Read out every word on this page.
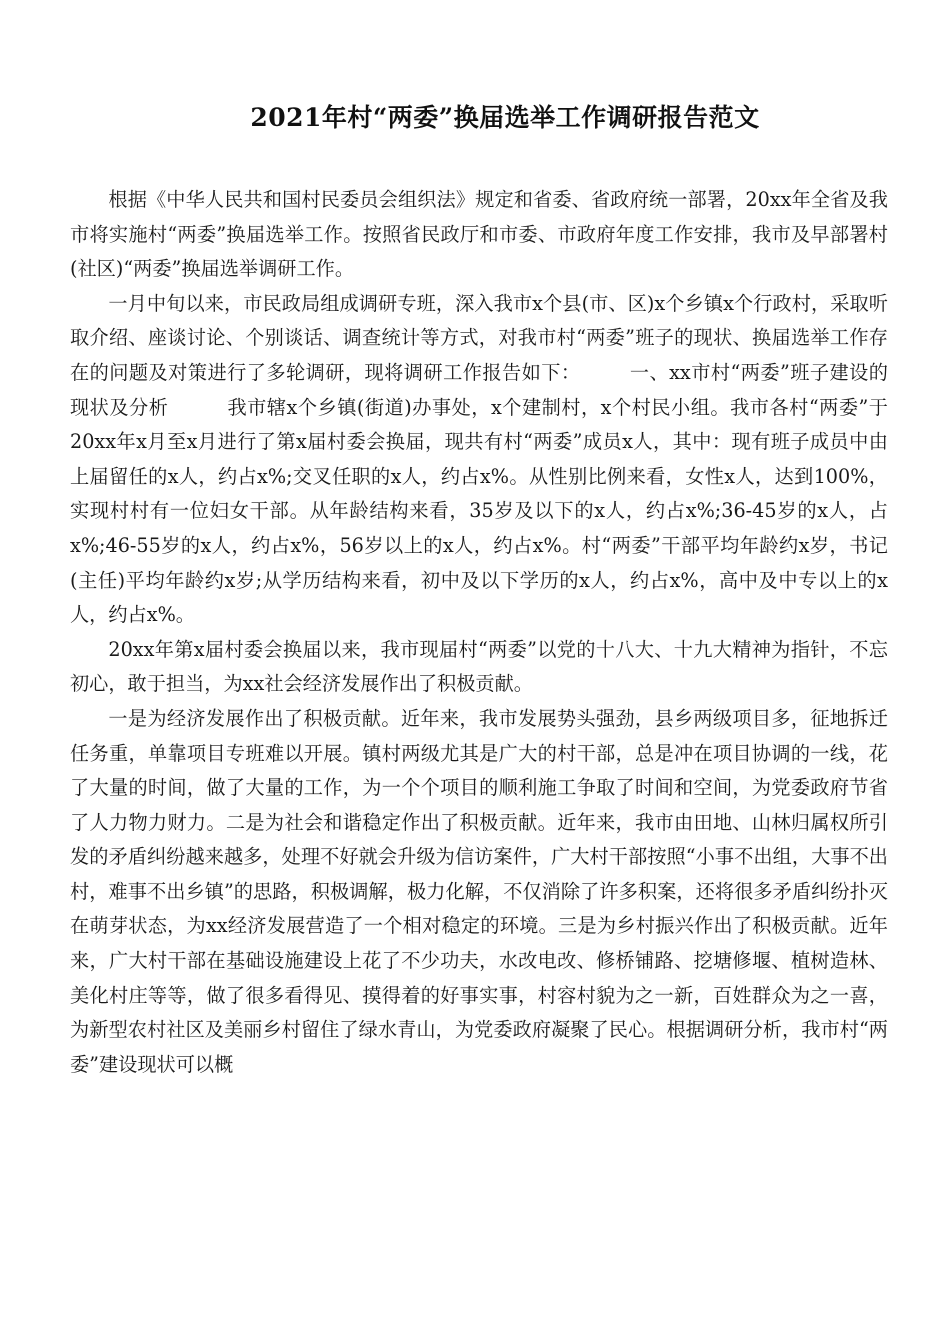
2021年村“两委”换届选举工作调研报告范文

根据《中华人民共和国村民委员会组织法》规定和省委、省政府统一部署，20xx年全省及我市将实施村“两委”换届选举工作。按照省民政厅和市委、市政府年度工作安排，我市及早部署村(社区)“两委”换届选举调研工作。

一月中旬以来，市民政局组成调研专班，深入我市x个县(市、区)x个乡镇x个行政村，采取听取介绍、座谈讨论、个别谈话、调查统计等方式，对我市村“两委”班子的现状、换届选举工作存在的问题及对策进行了多轮调研，现将调研工作报告如下：　　　一、xx市村“两委”班子建设的现状及分析　　　我市辖x个乡镇(街道)办事处，x个建制村，x个村民小组。我市各村“两委”于20xx年x月至x月进行了第x届村委会换届，现共有村“两委”成员x人，其中：现有班子成员中由上届留任的x人，约占x%;交叉任职的x人，约占x%。从性别比例来看，女性x人，达到100%，实现村村有一位妇女干部。从年龄结构来看，35岁及以下的x人，约占x%;36-45岁的x人，占x%;46-55岁的x人，约占x%，56岁以上的x人，约占x%。村“两委”干部平均年龄约x岁，书记(主任)平均年龄约x岁;从学历结构来看，初中及以下学历的x人，约占x%，高中及中专以上的x人，约占x%。

20xx年第x届村委会换届以来，我市现届村“两委”以党的十八大、十九大精神为指针，不忘初心，敢于担当，为xx社会经济发展作出了积极贡献。

一是为经济发展作出了积极贡献。近年来，我市发展势头强劲，县乡两级项目多，征地拆迁任务重，单靠项目专班难以开展。镇村两级尤其是广大的村干部，总是冲在项目协调的一线，花了大量的时间，做了大量的工作，为一个个项目的顺利施工争取了时间和空间，为党委政府节省了人力物力财力。二是为社会和谐稳定作出了积极贡献。近年来，我市由田地、山林归属权所引发的矛盾纠纷越来越多，处理不好就会升级为信访案件，广大村干部按照“小事不出组，大事不出村，难事不出乡镇”的思路，积极调解，极力化解，不仅消除了许多积案，还将很多矛盾纠纷扑灭在萌芽状态，为xx经济发展营造了一个相对稳定的环境。三是为乡村振兴作出了积极贡献。近年来，广大村干部在基础设施建设上花了不少功夫，水改电改、修桥铺路、挖塘修堰、植树造林、美化村庄等等，做了很多看得见、摸得着的好事实事，村容村貌为之一新，百姓群众为之一喜，为新型农村社区及美丽乡村留住了绿水青山，为党委政府凝聚了民心。根据调研分析，我市村“两委”建设现状可以概
